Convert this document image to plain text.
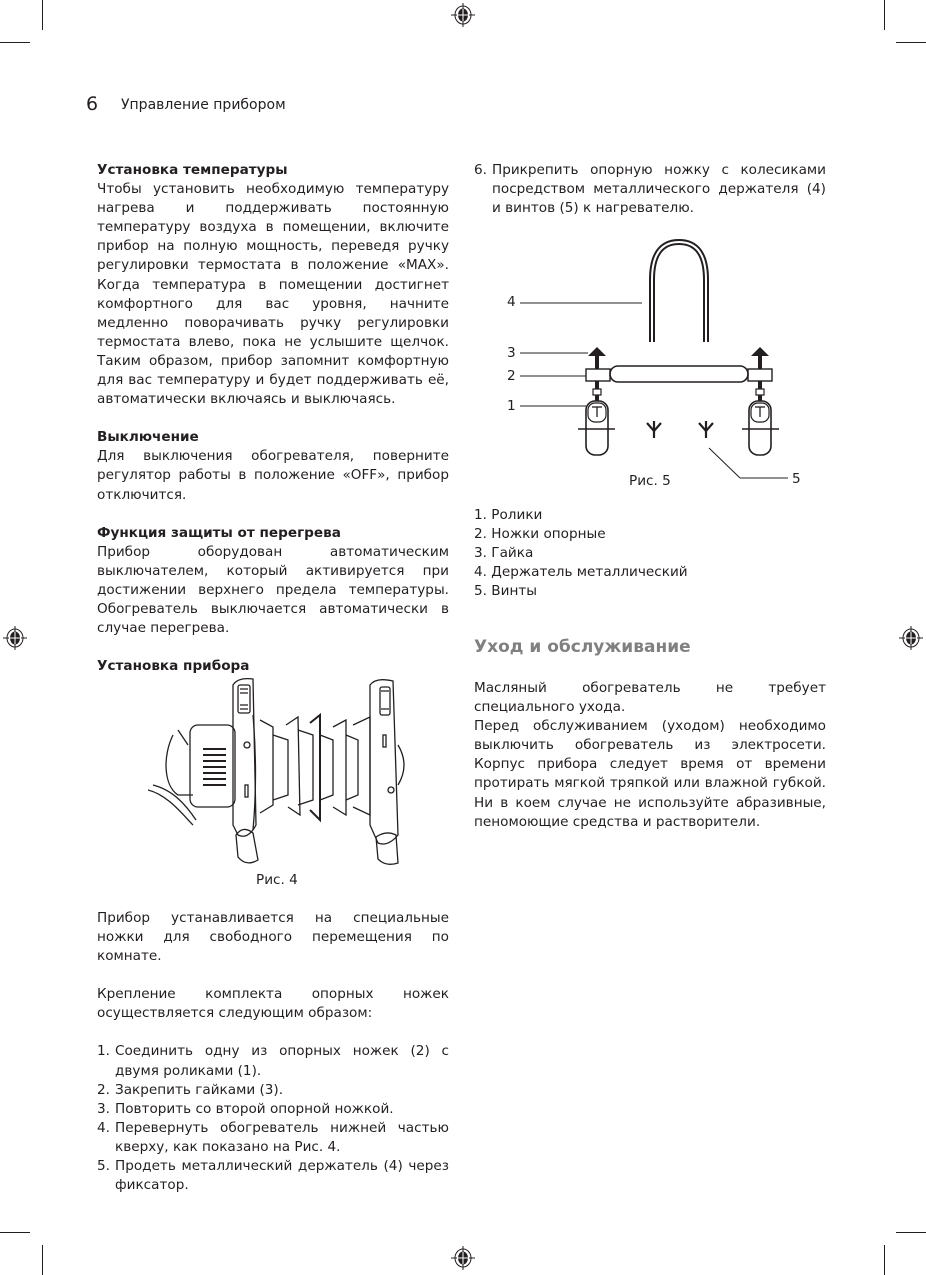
6 Управление прибором

Установка температуры

Чтобы установить необходимую температуру нагрева и поддерживать постоянную температуру воздуха в помещении, включите прибор на полную мощность, переведя ручку регулировки термостата в положение «MAX». Когда температура в помещении достигнет комфортного для вас уровня, начните медленно поворачивать ручку регулировки термостата влево, пока не услышите щелчок. Таким образом, прибор запомнит комфортную для вас температуру и будет поддерживать её, автоматически включаясь и выключаясь.

Выключение

Для выключения обогревателя, поверните регулятор работы в положение «OFF», прибор отключится.

Функция защиты от перегрева

Прибор оборудован автоматическим выключателем, который активируется при достижении верхнего предела температуры. Обогреватель выключается автоматически в случае перегрева.

Установка прибора

Рис. 4

Прибор устанавливается на специальные ножки для свободного перемещения по комнате.

Крепление комплекта опорных ножек осуществляется следующим образом:

1. Соединить одну из опорных ножек (2) с двумя роликами (1).
2. Закрепить гайками (3).
3. Повторить со второй опорной ножкой.
4. Перевернуть обогреватель нижней частью кверху, как показано на Рис. 4.
5. Продеть металлический держатель (4) через фиксатор.
6. Прикрепить опорную ножку с колесиками посредством металлического держателя (4) и винтов (5) к нагревателю.
4
3
2
1
5
Рис. 5
1. Ролики
2. Ножки опорные
3. Гайка
4. Держатель металлический
5. Винты
Уход и обслуживание

Масляный обогреватель не требует специального ухода.

Перед обслуживанием (уходом) необходимо выключить обогреватель из электросети. Корпус прибора следует время от времени протирать мягкой тряпкой или влажной губкой. Ни в коем случае не используйте абразивные, пеномоющие средства и растворители.
